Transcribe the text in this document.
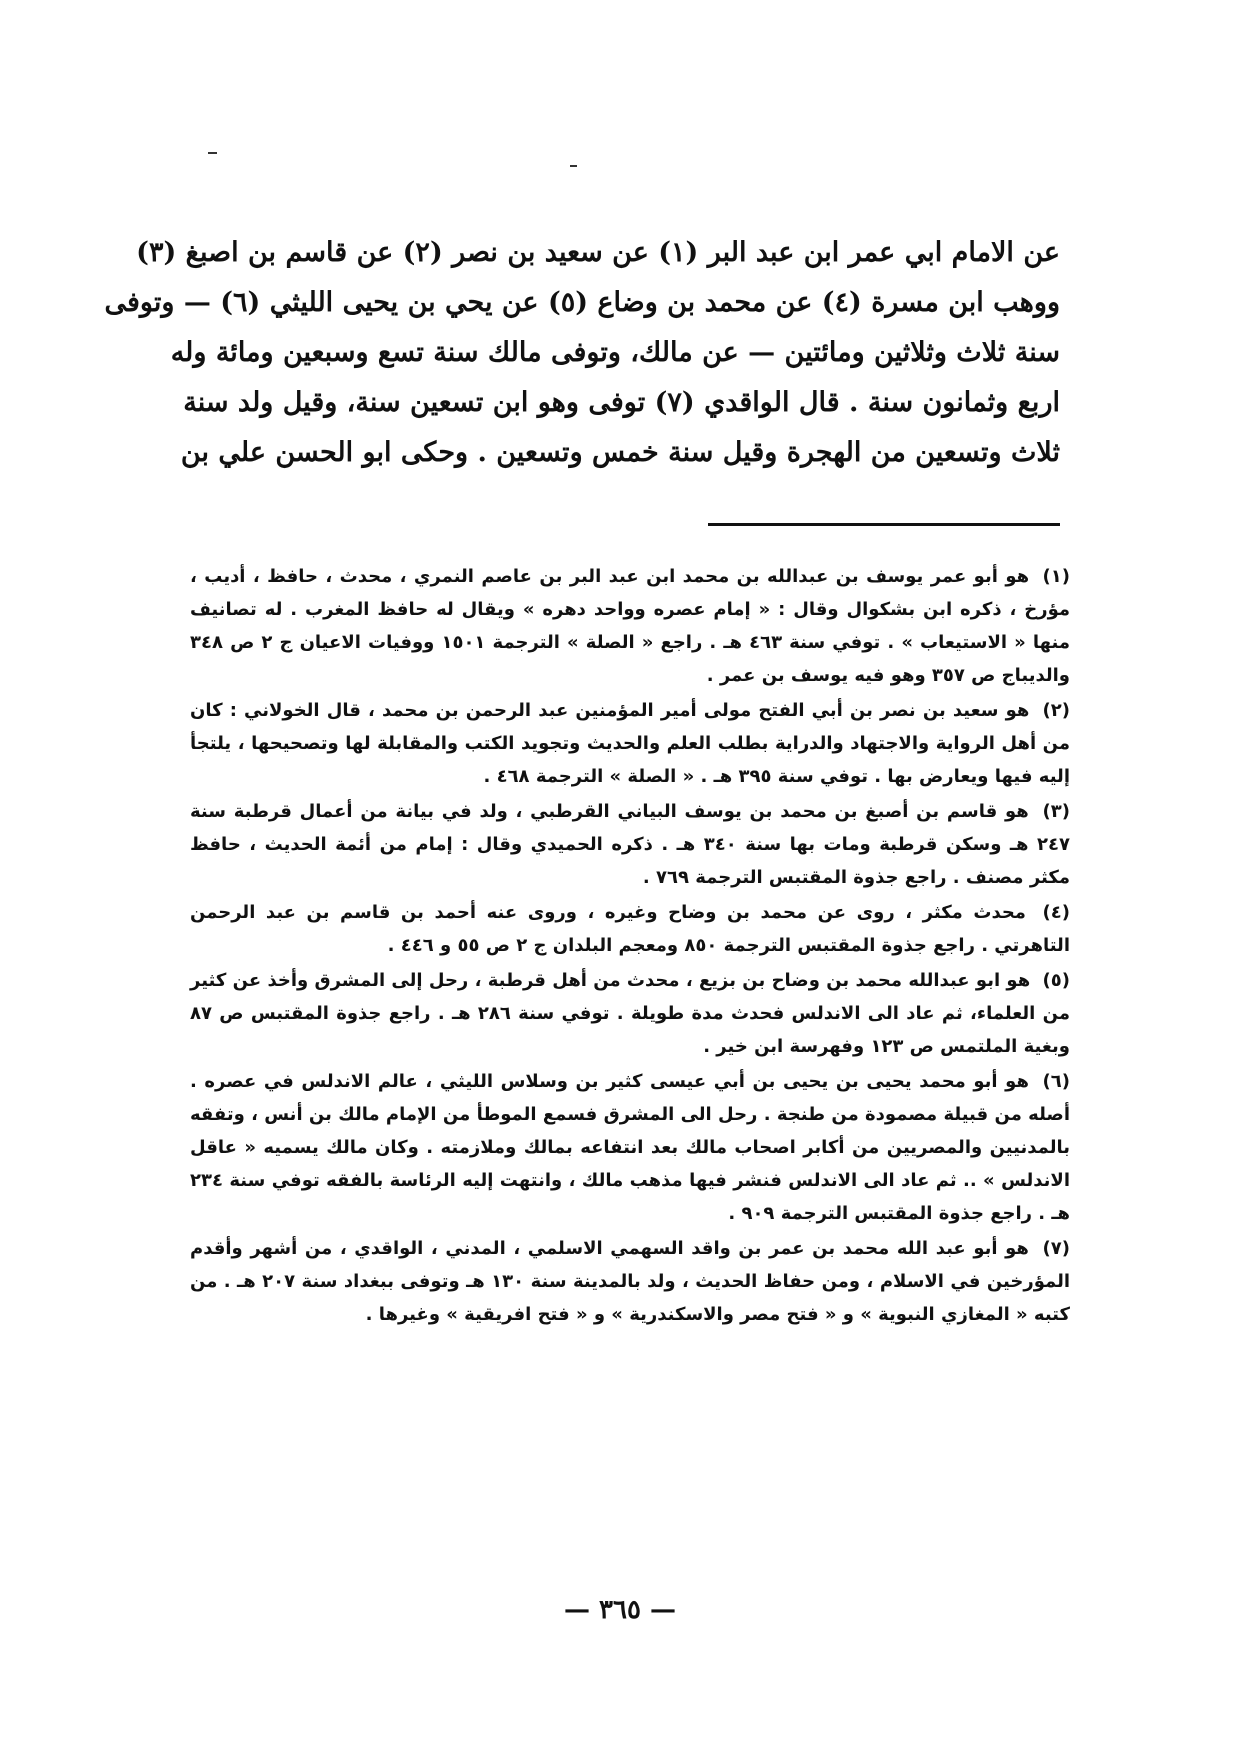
عن الامام ابي عمر ابن عبد البر (١) عن سعيد بن نصر (٢) عن قاسم بن اصبغ (٣)
ووهب ابن مسرة (٤) عن محمد بن وضاع (٥) عن يحي بن يحيى الليثي (٦) — وتوفى
سنة ثلاث وثلاثين ومائتين — عن مالك، وتوفى مالك سنة تسع وسبعين ومائة وله
اربع وثمانون سنة . قال الواقدي (٧) توفى وهو ابن تسعين سنة، وقيل ولد سنة
ثلاث وتسعين من الهجرة وقيل سنة خمس وتسعين . وحكى ابو الحسن علي بن
(١) هو أبو عمر يوسف بن عبدالله بن محمد ابن عبد البر بن عاصم النمري ، محدث ، حافظ ، أديب ، مؤرخ ، ذكره ابن بشكوال وقال : « إمام عصره وواحد دهره » ويقال له حافظ المغرب . له تصانيف منها « الاستيعاب » . توفي سنة ٤٦٣ هـ . راجع « الصلة » الترجمة ١٥٠١ ووفيات الاعيان ج ٢ ص ٣٤٨ والديباج ص ٣٥٧ وهو فيه يوسف بن عمر .
(٢) هو سعيد بن نصر بن أبي الفتح مولى أمير المؤمنين عبد الرحمن بن محمد ، قال الخولاني : كان من أهل الرواية والاجتهاد والدراية بطلب العلم والحديث وتجويد الكتب والمقابلة لها وتصحيحها ، يلتجأ إليه فيها ويعارض بها . توفي سنة ٣٩٥ هـ . « الصلة » الترجمة ٤٦٨ .
(٣) هو قاسم بن أصبغ بن محمد بن يوسف البياني القرطبي ، ولد في بيانة من أعمال قرطبة سنة ٢٤٧ هـ وسكن قرطبة ومات بها سنة ٣٤٠ هـ . ذكره الحميدي وقال : إمام من أئمة الحديث ، حافظ مكثر مصنف . راجع جذوة المقتبس الترجمة ٧٦٩ .
(٤) محدث مكثر ، روى عن محمد بن وضاح وغيره ، وروى عنه أحمد بن قاسم بن عبد الرحمن التاهرتي . راجع جذوة المقتبس الترجمة ٨٥٠ ومعجم البلدان ج ٢ ص ٥٥ و ٤٤٦ .
(٥) هو ابو عبدالله محمد بن وضاح بن بزيع ، محدث من أهل قرطبة ، رحل إلى المشرق وأخذ عن كثير من العلماء، ثم عاد الى الاندلس فحدث مدة طويلة . توفي سنة ٢٨٦ هـ . راجع جذوة المقتبس ص ٨٧ وبغية الملتمس ص ١٢٣ وفهرسة ابن خير .
(٦) هو أبو محمد يحيى بن يحيى بن أبي عيسى كثير بن وسلاس الليثي ، عالم الاندلس في عصره . أصله من قبيلة مصمودة من طنجة . رحل الى المشرق فسمع الموطأ من الإمام مالك بن أنس ، وتفقه بالمدنيين والمصريين من أكابر اصحاب مالك بعد انتفاعه بمالك وملازمته . وكان مالك يسميه « عاقل الاندلس » .. ثم عاد الى الاندلس فنشر فيها مذهب مالك ، وانتهت إليه الرئاسة بالفقه توفي سنة ٢٣٤ هـ . راجع جذوة المقتبس الترجمة ٩٠٩ .
(٧) هو أبو عبد الله محمد بن عمر بن واقد السهمي الاسلمي ، المدني ، الواقدي ، من أشهر وأقدم المؤرخين في الاسلام ، ومن حفاظ الحديث ، ولد بالمدينة سنة ١٣٠ هـ وتوفى ببغداد سنة ٢٠٧ هـ . من كتبه « المغازي النبوية » و « فتح مصر والاسكندرية » و « فتح افريقية » وغيرها .
— ٣٦٥ —
